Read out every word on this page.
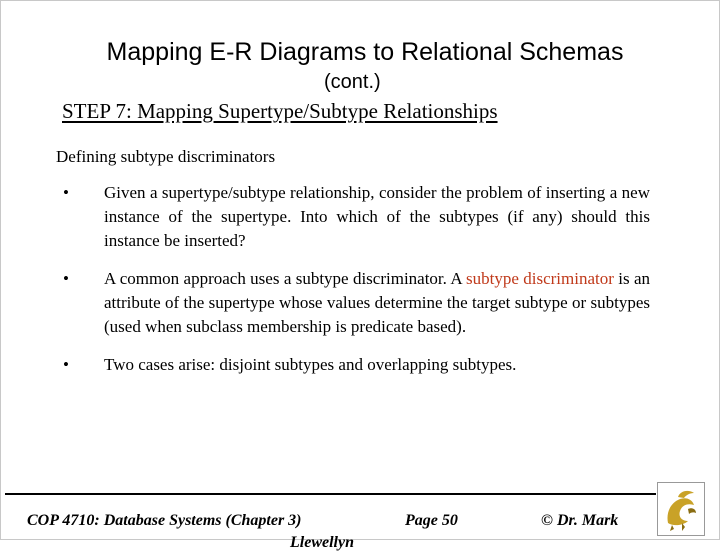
Mapping E-R Diagrams to Relational Schemas
(cont.)
STEP 7: Mapping Supertype/Subtype Relationships
Defining subtype discriminators
• Given a supertype/subtype relationship, consider the problem of inserting a new instance of the supertype. Into which of the subtypes (if any) should this instance be inserted?
• A common approach uses a subtype discriminator. A subtype discriminator is an attribute of the supertype whose values determine the target subtype or subtypes (used when subclass membership is predicate based).
• Two cases arise: disjoint subtypes and overlapping subtypes.
COP 4710: Database Systems (Chapter 3)	Page 50	© Dr. Mark
Llewellyn
